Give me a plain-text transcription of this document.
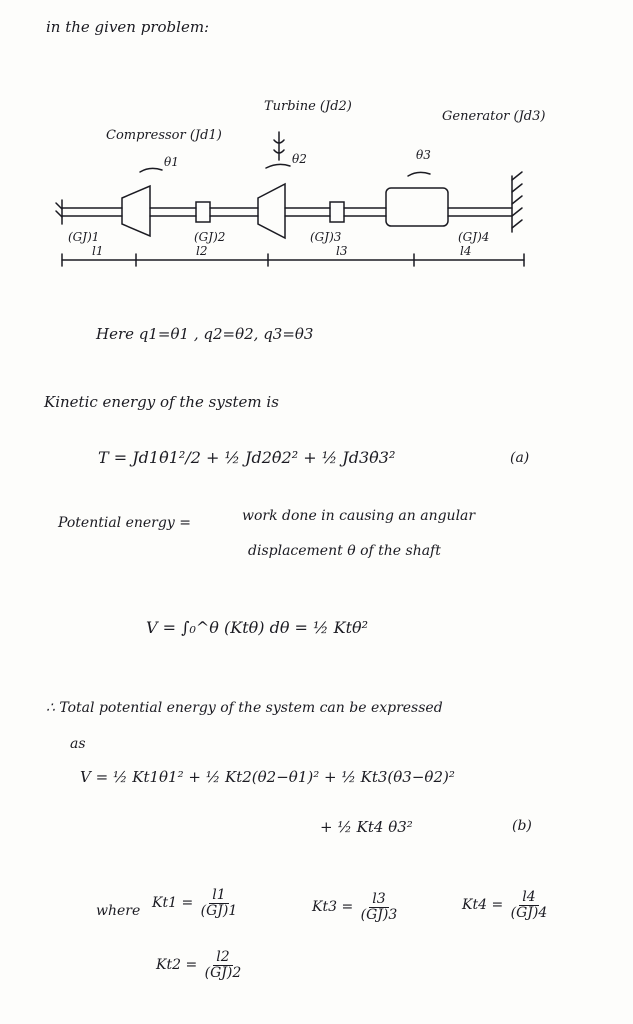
in the given problem:
Compressor (Jd1)
Turbine (Jd2)
Generator (Jd3)
θ1	θ2	θ3
(GJ)1	(GJ)2	(GJ)3	(GJ)4
l1	l2	l3	l4
Here q1=θ1 , q2=θ2, q3=θ3
Kinetic energy of the system is
T = Jd1θ̇1²/2 + ½ Jd2θ̇2² + ½ Jd3θ̇3²	(a)
Potential energy =	work done in causing an angular
displacement θ of the shaft
V = ∫₀^θ (Ktθ) dθ = ½ Ktθ²
∴ Total potential energy of the system can be expressed
as
V = ½ Kt1θ1² + ½ Kt2(θ2−θ1)² + ½ Kt3(θ3−θ2)²
+ ½ Kt4 θ3²	(b)
where $Kt1 = \frac{l1}{(GJ)1}$	$Kt3 = \frac{l3}{(GJ)3}$	$Kt4 = \frac{l4}{(GJ)4}$
$Kt2 = \frac{l2}{(GJ)2}$
